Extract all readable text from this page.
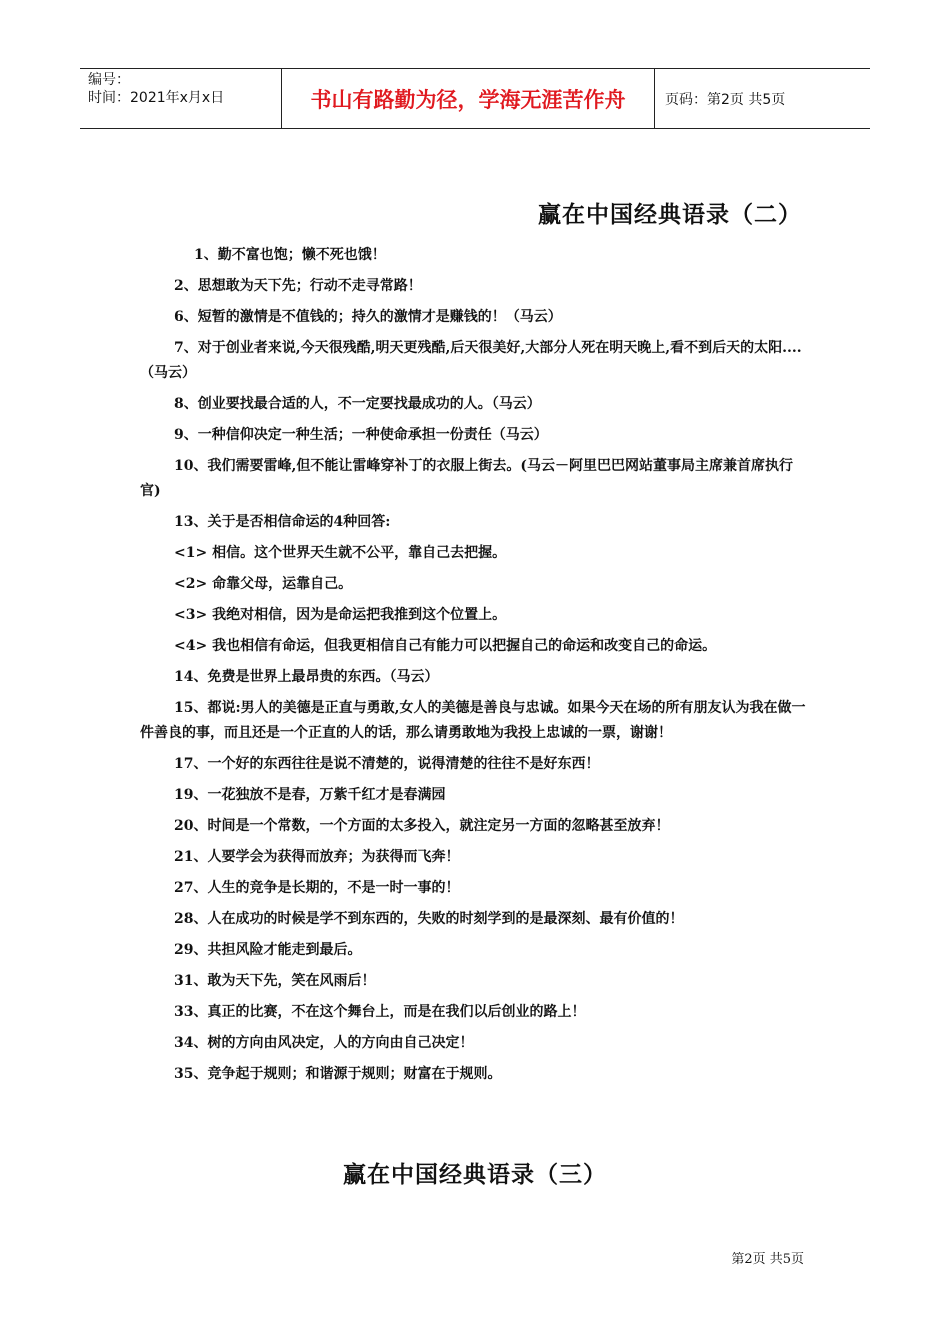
编号：
时间：2021年x月x日	书山有路勤为径，学海无涯苦作舟	页码：第2页 共5页
赢在中国经典语录（二）

1、勤不富也饱；懒不死也饿！

2、思想敢为天下先；行动不走寻常路！

6、短暂的激情是不值钱的；持久的激情才是赚钱的！（马云）

7、对于创业者来说,今天很残酷,明天更残酷,后天很美好,大部分人死在明天晚上,看不到后天的太阳....（马云）

8、创业要找最合适的人，不一定要找最成功的人。（马云）

9、一种信仰决定一种生活；一种使命承担一份责任（马云）

10、我们需要雷峰,但不能让雷峰穿补丁的衣服上街去。(马云－阿里巴巴网站董事局主席兼首席执行官)

13、关于是否相信命运的4种回答:

<1> 相信。这个世界天生就不公平，靠自己去把握。

<2> 命靠父母，运靠自己。

<3> 我绝对相信，因为是命运把我推到这个位置上。

<4> 我也相信有命运，但我更相信自己有能力可以把握自己的命运和改变自己的命运。

14、免费是世界上最昂贵的东西。（马云）

15、都说:男人的美德是正直与勇敢,女人的美德是善良与忠诚。如果今天在场的所有朋友认为我在做一件善良的事，而且还是一个正直的人的话，那么请勇敢地为我投上忠诚的一票，谢谢！

17、一个好的东西往往是说不清楚的，说得清楚的往往不是好东西！

19、一花独放不是春，万紫千红才是春满园

20、时间是一个常数，一个方面的太多投入，就注定另一方面的忽略甚至放弃！

21、人要学会为获得而放弃；为获得而飞奔！

27、人生的竞争是长期的，不是一时一事的！

28、人在成功的时候是学不到东西的，失败的时刻学到的是最深刻、最有价值的！

29、共担风险才能走到最后。

31、敢为天下先，笑在风雨后！

33、真正的比赛，不在这个舞台上，而是在我们以后创业的路上！

34、树的方向由风决定，人的方向由自己决定！

35、竞争起于规则；和谐源于规则；财富在于规则。

赢在中国经典语录（三）
第2页 共5页
